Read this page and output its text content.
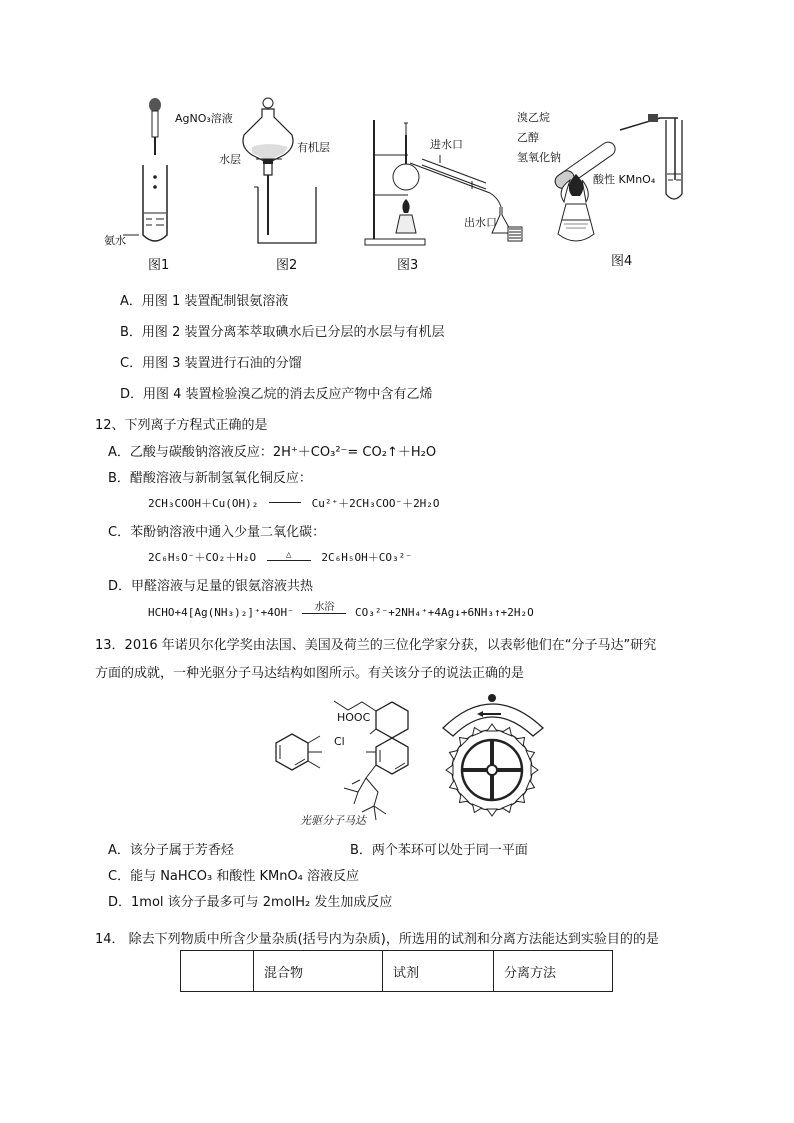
AgNO₃溶液
氨水
图1
有机层
水层
图2
进水口
出水口
图3
溴乙烷
乙醇
氢氧化钠
酸性 KMnO₄
图4
A．用图 1 装置配制银氨溶液
B．用图 2 装置分离苯萃取碘水后已分层的水层与有机层
C．用图 3 装置进行石油的分馏
D．用图 4 装置检验溴乙烷的消去反应产物中含有乙烯
12、下列离子方程式正确的是
A．乙酸与碳酸钠溶液反应：2H⁺＋CO₃²⁻= CO₂↑＋H₂O
B．醋酸溶液与新制氢氧化铜反应：
2CH₃COOH＋Cu(OH)₂	Cu²⁺＋2CH₃COO⁻＋2H₂O
C．苯酚钠溶液中通入少量二氧化碳：
2C₆H₅O⁻＋CO₂＋H₂O	△	2C₆H₅OH＋CO₃²⁻
D．甲醛溶液与足量的银氨溶液共热
HCHO+4[Ag(NH₃)₂]⁺+4OH⁻ 水浴 CO₃²⁻+2NH₄⁺+4Ag↓+6NH₃↑+2H₂O
13．2016 年诺贝尔化学奖由法国、美国及荷兰的三位化学家分获，以表彰他们在“分子马达”研究
方面的成就，一种光驱分子马达结构如图所示。有关该分子的说法正确的是
HOOC
Cl
光驱分子马达
A．该分子属于芳香烃	B．两个苯环可以处于同一平面
C．能与 NaHCO₃ 和酸性 KMnO₄ 溶液反应
D．1mol 该分子最多可与 2molH₂ 发生加成反应
14． 除去下列物质中所含少量杂质(括号内为杂质)，所选用的试剂和分离方法能达到实验目的的是
	混合物	试剂	分离方法
